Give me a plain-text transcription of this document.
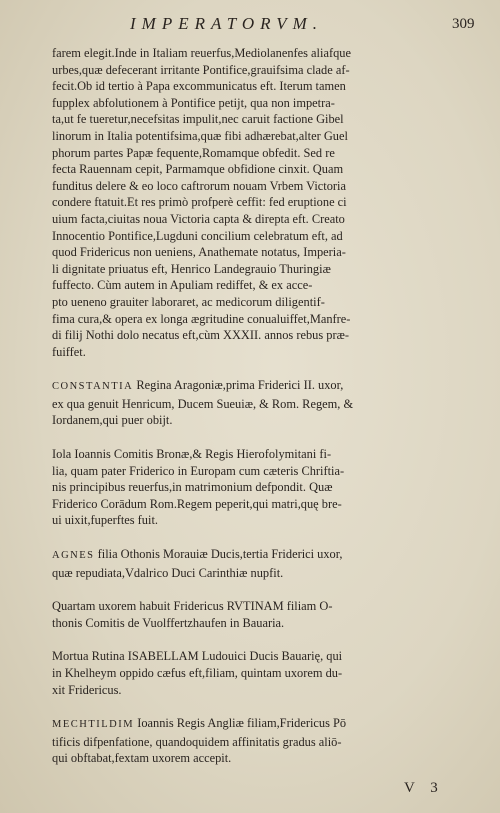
IMPERATORVM.	309
farem elegit.Inde in Italiam reuerfus,Mediolanenfes aliafque
urbes,quæ defecerant irritante Pontifice,grauifsima clade af-
fecit.Ob id tertio à Papa excommunicatus eft. Iterum tamen
fupplex abfolutionem à Pontifice petijt, qua non impetra-
ta,ut fe tueretur,necefsitas impulit,nec caruit factione Gibel
linorum in Italia potentifsima,quæ fibi adhærebat,alter Guel
phorum partes Papæ fequente,Romamque obfedit. Sed re
fecta Rauennam cepit, Parmamque obfidione cinxit. Quam
funditus delere & eo loco caftrorum nouam Vrbem Victoria
condere ftatuit.Et res primò profperè ceffit: fed eruptione ci
uium facta,ciuitas noua Victoria capta & direpta eft. Creato
Innocentio Pontifice,Lugduni concilium celebratum eft, ad
quod Fridericus non ueniens, Anathemate notatus, Imperia-
li dignitate priuatus eft, Henrico Landegrauio Thuringiæ
fuffecto. Cùm autem in Apuliam rediffet, & ex acce-
pto ueneno grauiter laboraret, ac medicorum diligentif-
fima cura,& opera ex longa ægritudine conualuiffet,Manfre-
di filij Nothi dolo necatus eft,cùm XXXII. annos rebus præ-
fuiffet.
CONSTANTIA Regina Aragoniæ,prima Friderici II. uxor,
ex qua genuit Henricum, Ducem Sueuiæ, & Rom. Regem, &
Iordanem,qui puer obijt.
Iola Ioannis Comitis Bronæ,& Regis Hierofolymitani fi-
lia, quam pater Friderico in Europam cum cæteris Chriftia-
nis principibus reuerfus,in matrimonium defpondit. Quæ
Friderico Corādum Rom.Regem peperit,qui matri,quę bre-
ui uixit,fuperftes fuit.
AGNES filia Othonis Morauiæ Ducis,tertia Friderici uxor,
quæ repudiata,Vdalrico Duci Carinthiæ nupfit.
Quartam uxorem habuit Fridericus RVTINAM filiam O-
thonis Comitis de Vuolffertzhaufen in Bauaria.
Mortua Rutina ISABELLAM Ludouici Ducis Bauarię, qui
in Khelheym oppido cæfus eft,filiam, quintam uxorem du-
xit Fridericus.
MECHTILDIM Ioannis Regis Angliæ filiam,Fridericus Pō
tificis difpenfatione, quandoquidem affinitatis gradus aliō-
qui obftabat,fextam uxorem accepit.
V 3
